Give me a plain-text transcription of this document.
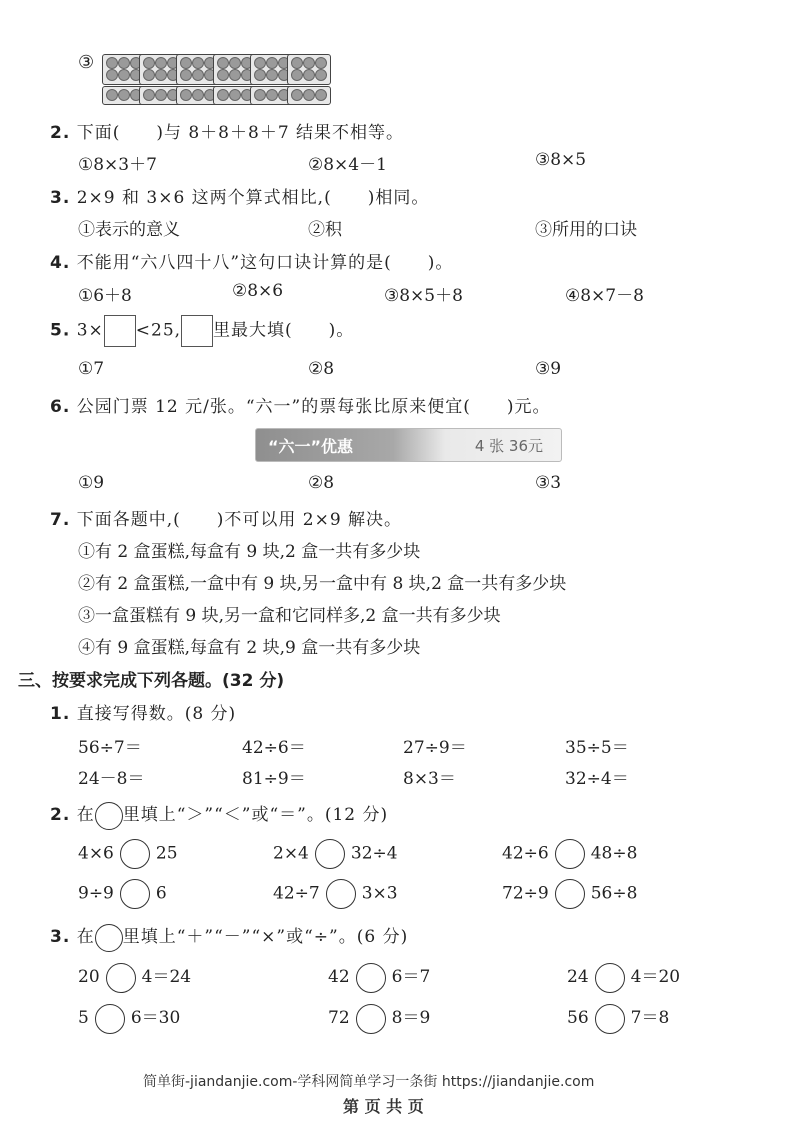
③
2. 下面(　　)与 8＋8＋8＋7 结果不相等。
①8×3＋7	②8×4－1	③8×5
3. 2×9 和 3×6 这两个算式相比,(　　)相同。
①表示的意义	②积	③所用的口诀
4. 不能用“六八四十八”这句口诀计算的是(　　)。
①6＋8	②8×6	③8×5＋8	④8×7－8
5. 3× <25, 里最大填(　　)。
①7	②8	③9
6. 公园门票 12 元/张。“六一”的票每张比原来便宜(　　)元。
“六一”优惠	4 张 36元
①9	②8	③3
7. 下面各题中,(　　)不可以用 2×9 解决。
①有 2 盒蛋糕,每盒有 9 块,2 盒一共有多少块
②有 2 盒蛋糕,一盒中有 9 块,另一盒中有 8 块,2 盒一共有多少块
③一盒蛋糕有 9 块,另一盒和它同样多,2 盒一共有多少块
④有 9 盒蛋糕,每盒有 2 块,9 盒一共有多少块
三、按要求完成下列各题。(32 分)
1. 直接写得数。(8 分)
56÷7＝	42÷6＝	27÷9＝	35÷5＝
24－8＝	81÷9＝	8×3＝	32÷4＝
2. 在 里填上“＞”“＜”或“＝”。(12 分)
4×6 25	2×4 32÷4	42÷6 48÷8
9÷9 6	42÷7 3×3	72÷9 56÷8
3. 在 里填上“＋”“－”“×”或“÷”。(6 分)
20 4＝24	42 6＝7	24 4＝20
5 6＝30	72 8＝9	56 7＝8
简单街-jiandanjie.com-学科网简单学习一条街 https://jiandanjie.com
第 页 共 页
